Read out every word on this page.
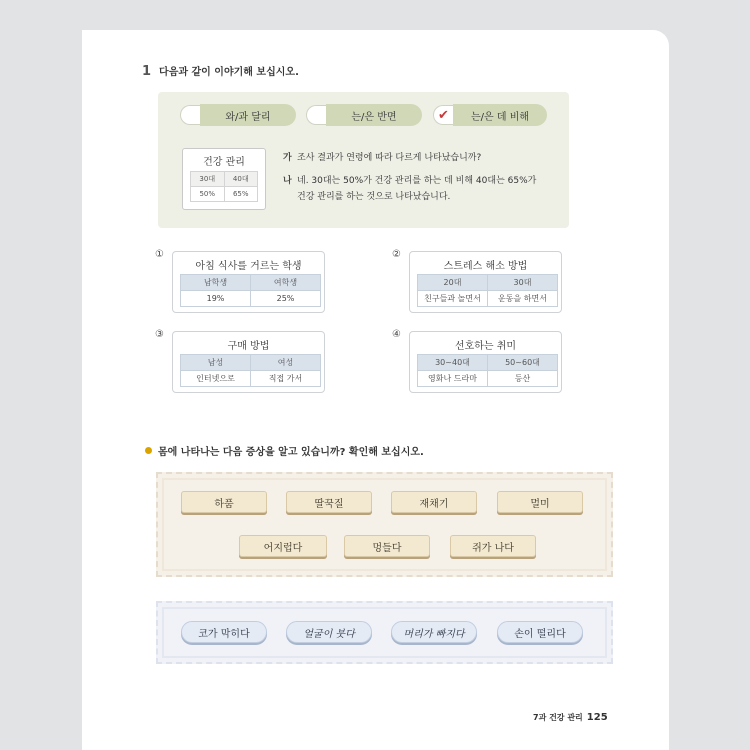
1 다음과 같이 이야기해 보십시오.
와/과 달리	는/은 반면	✔	는/은 데 비해
건강 관리
30대	40대
50%	65%
가 조사 결과가 연령에 따라 다르게 나타났습니까?
나 네. 30대는 50%가 건강 관리를 하는 데 비해 40대는 65%가
건강 관리를 하는 것으로 나타났습니다.
①
아침 식사를 거르는 학생
남학생	여학생
19%	25%
②
스트레스 해소 방법
20대	30대
친구들과 놀면서	운동을 하면서
③
구매 방법
남성	여성
인터넷으로	직접 가서
④
선호하는 취미
30~40대	50~60대
영화나 드라마	등산
몸에 나타나는 다음 증상을 알고 있습니까? 확인해 보십시오.
하품	딸꾹질	재채기	멀미
어지럽다	멍들다	쥐가 나다
코가 막히다	얼굴이 붓다	머리가 빠지다	손이 떨리다
7과 건강 관리 125
